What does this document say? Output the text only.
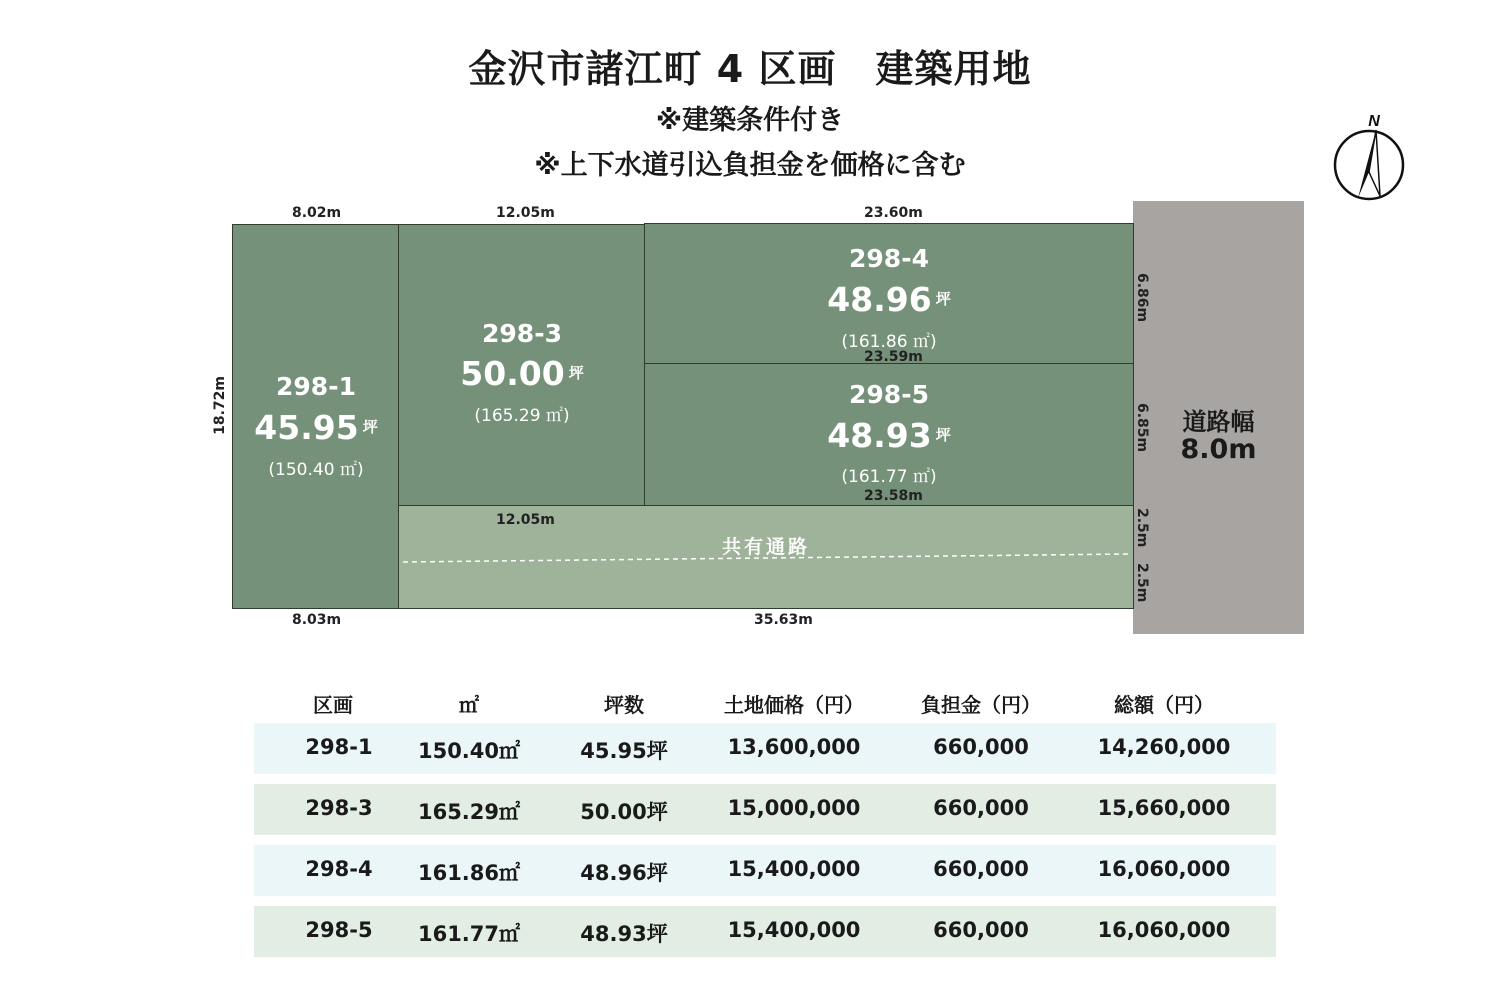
金沢市諸江町 4 区画　建築用地
※建築条件付き
※上下水道引込負担金を価格に含む
N
道路幅
8.0m
298-1
45.95 $^坪$
(150.40 ㎡)
298-3
50.00 $^坪$
(165.29 ㎡)
298-4
48.96 $^坪$
(161.86 ㎡)
298-5
48.93 $^坪$
(161.77 ㎡)
共有通路
8.02m	12.05m	23.60m
23.59m
23.58m
12.05m
8.03m	35.63m
18.72m
6.86m
6.85m
2.5m
2.5m
区画	㎡	坪数	土地価格（円）	負担金（円）	総額（円）
298-1	150.40㎡	45.95坪	13,600,000	660,000	14,260,000
298-3	165.29㎡	50.00坪	15,000,000	660,000	15,660,000
298-4	161.86㎡	48.96坪	15,400,000	660,000	16,060,000
298-5	161.77㎡	48.93坪	15,400,000	660,000	16,060,000
